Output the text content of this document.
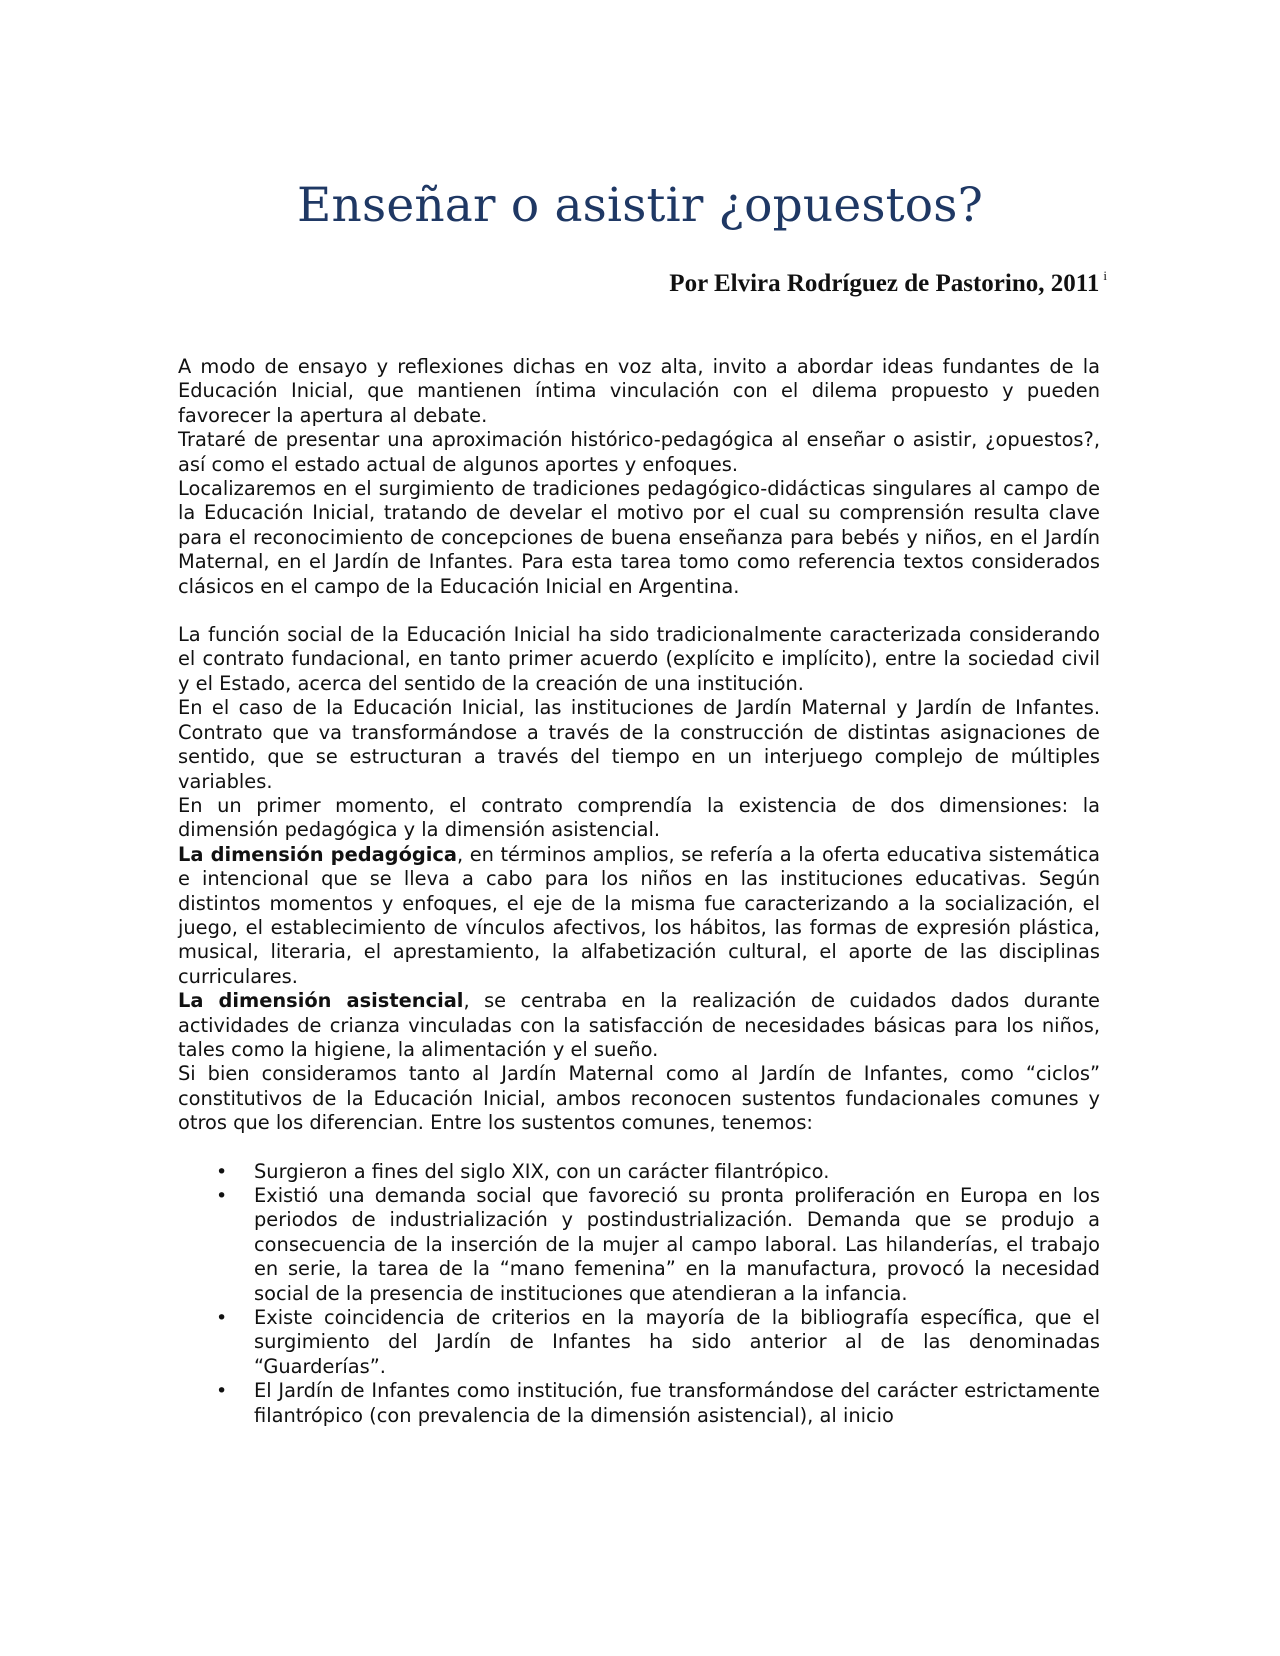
Enseñar o asistir ¿opuestos?

Por Elvira Rodríguez de Pastorino, 2011 $^i$

A modo de ensayo y reflexiones dichas en voz alta, invito a abordar ideas fundantes de la Educación Inicial, que mantienen íntima vinculación con el dilema propuesto y pueden favorecer la apertura al debate.

Trataré de presentar una aproximación histórico-pedagógica al enseñar o asistir, ¿opuestos?, así como el estado actual de algunos aportes y enfoques.

Localizaremos en el surgimiento de tradiciones pedagógico-didácticas singulares al campo de la Educación Inicial, tratando de develar el motivo por el cual su comprensión resulta clave para el reconocimiento de concepciones de buena enseñanza para bebés y niños, en el Jardín Maternal, en el Jardín de Infantes. Para esta tarea tomo como referencia textos considerados clásicos en el campo de la Educación Inicial en Argentina.

La función social de la Educación Inicial ha sido tradicionalmente caracterizada considerando el contrato fundacional, en tanto primer acuerdo (explícito e implícito), entre la sociedad civil y el Estado, acerca del sentido de la creación de una institución.

En el caso de la Educación Inicial, las instituciones de Jardín Maternal y Jardín de Infantes. Contrato que va transformándose a través de la construcción de distintas asignaciones de sentido, que se estructuran a través del tiempo en un interjuego complejo de múltiples variables.

En un primer momento, el contrato comprendía la existencia de dos dimensiones: la dimensión pedagógica y la dimensión asistencial.

La dimensión pedagógica, en términos amplios, se refería a la oferta educativa sistemática e intencional que se lleva a cabo para los niños en las instituciones educativas. Según distintos momentos y enfoques, el eje de la misma fue caracterizando a la socialización, el juego, el establecimiento de vínculos afectivos, los hábitos, las formas de expresión plástica, musical, literaria, el aprestamiento, la alfabetización cultural, el aporte de las disciplinas curriculares.

La dimensión asistencial, se centraba en la realización de cuidados dados durante actividades de crianza vinculadas con la satisfacción de necesidades básicas para los niños, tales como la higiene, la alimentación y el sueño.

Si bien consideramos tanto al Jardín Maternal como al Jardín de Infantes, como “ciclos” constitutivos de la Educación Inicial, ambos reconocen sustentos fundacionales comunes y otros que los diferencian. Entre los sustentos comunes, tenemos:

• Surgieron a fines del siglo XIX, con un carácter filantrópico.
• Existió una demanda social que favoreció su pronta proliferación en Europa en los periodos de industrialización y postindustrialización. Demanda que se produjo a consecuencia de la inserción de la mujer al campo laboral. Las hilanderías, el trabajo en serie, la tarea de la “mano femenina” en la manufactura, provocó la necesidad social de la presencia de instituciones que atendieran a la infancia.
• Existe coincidencia de criterios en la mayoría de la bibliografía específica, que el surgimiento del Jardín de Infantes ha sido anterior al de las denominadas “Guarderías”.
• El Jardín de Infantes como institución, fue transformándose del carácter estrictamente filantrópico (con prevalencia de la dimensión asistencial), al inicio
